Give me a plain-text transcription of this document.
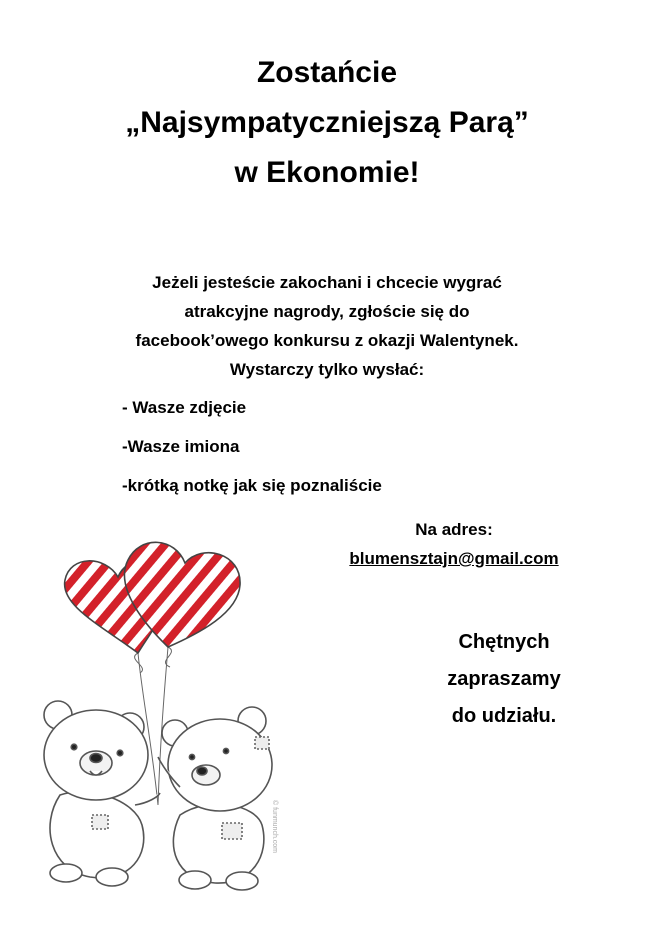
Zostańcie
„Najsympatyczniejszą Parą”
w Ekonomie!
Jeżeli jesteście zakochani i chcecie wygrać
atrakcyjne nagrody, zgłoście się do
facebook’owego konkursu z okazji Walentynek.
Wystarczy tylko wysłać:
- Wasze zdjęcie
-Wasze imiona
-krótką notkę jak się poznaliście
Na adres:
blumensztajn@gmail.com
Chętnych
zapraszamy
do udziału.
© funmunch.com
